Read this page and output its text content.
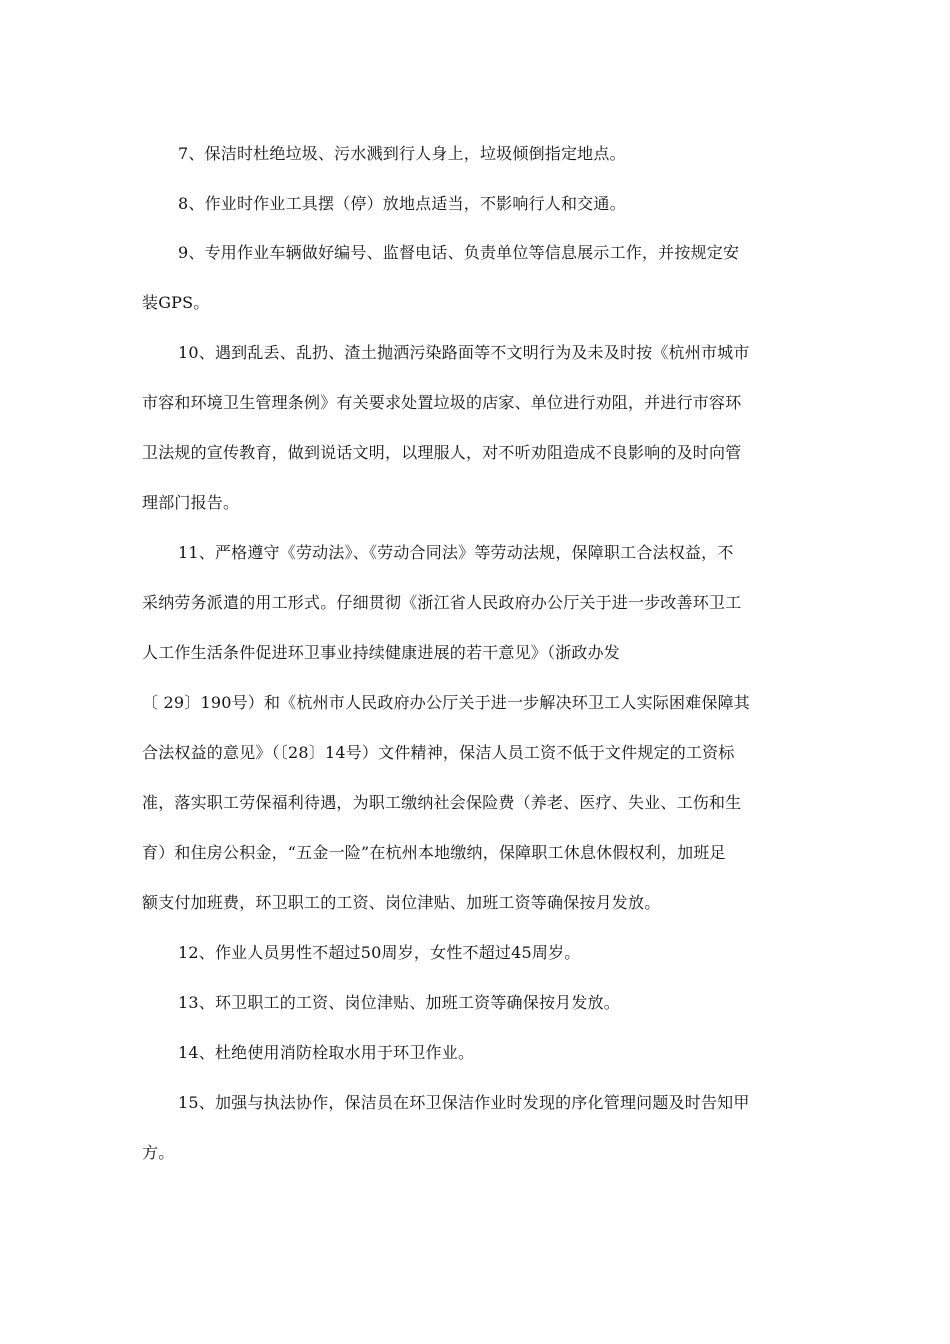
7、保洁时杜绝垃圾、污水溅到行人身上，垃圾倾倒指定地点。
8、作业时作业工具摆（停）放地点适当，不影响行人和交通。
9、专用作业车辆做好编号、监督电话、负责单位等信息展示工作，并按规定安
装GPS。
10、遇到乱丢、乱扔、渣土抛洒污染路面等不文明行为及未及时按《杭州市城市
市容和环境卫生管理条例》有关要求处置垃圾的店家、单位进行劝阻，并进行市容环
卫法规的宣传教育，做到说话文明，以理服人，对不听劝阻造成不良影响的及时向管
理部门报告。
11、严格遵守《劳动法》、《劳动合同法》等劳动法规，保障职工合法权益，不
采纳劳务派遣的用工形式。仔细贯彻《浙江省人民政府办公厅关于进一步改善环卫工
人工作生活条件促进环卫事业持续健康进展的若干意见》（浙政办发
〔 29〕190号）和《杭州市人民政府办公厅关于进一步解决环卫工人实际困难保障其
合法权益的意见》（〔28〕14号）文件精神，保洁人员工资不低于文件规定的工资标
准，落实职工劳保福利待遇，为职工缴纳社会保险费（养老、医疗、失业、工伤和生
育）和住房公积金，“五金一险”在杭州本地缴纳，保障职工休息休假权利，加班足
额支付加班费，环卫职工的工资、岗位津贴、加班工资等确保按月发放。
12、作业人员男性不超过50周岁，女性不超过45周岁。
13、环卫职工的工资、岗位津贴、加班工资等确保按月发放。
14、杜绝使用消防栓取水用于环卫作业。
15、加强与执法协作，保洁员在环卫保洁作业时发现的序化管理问题及时告知甲
方。
